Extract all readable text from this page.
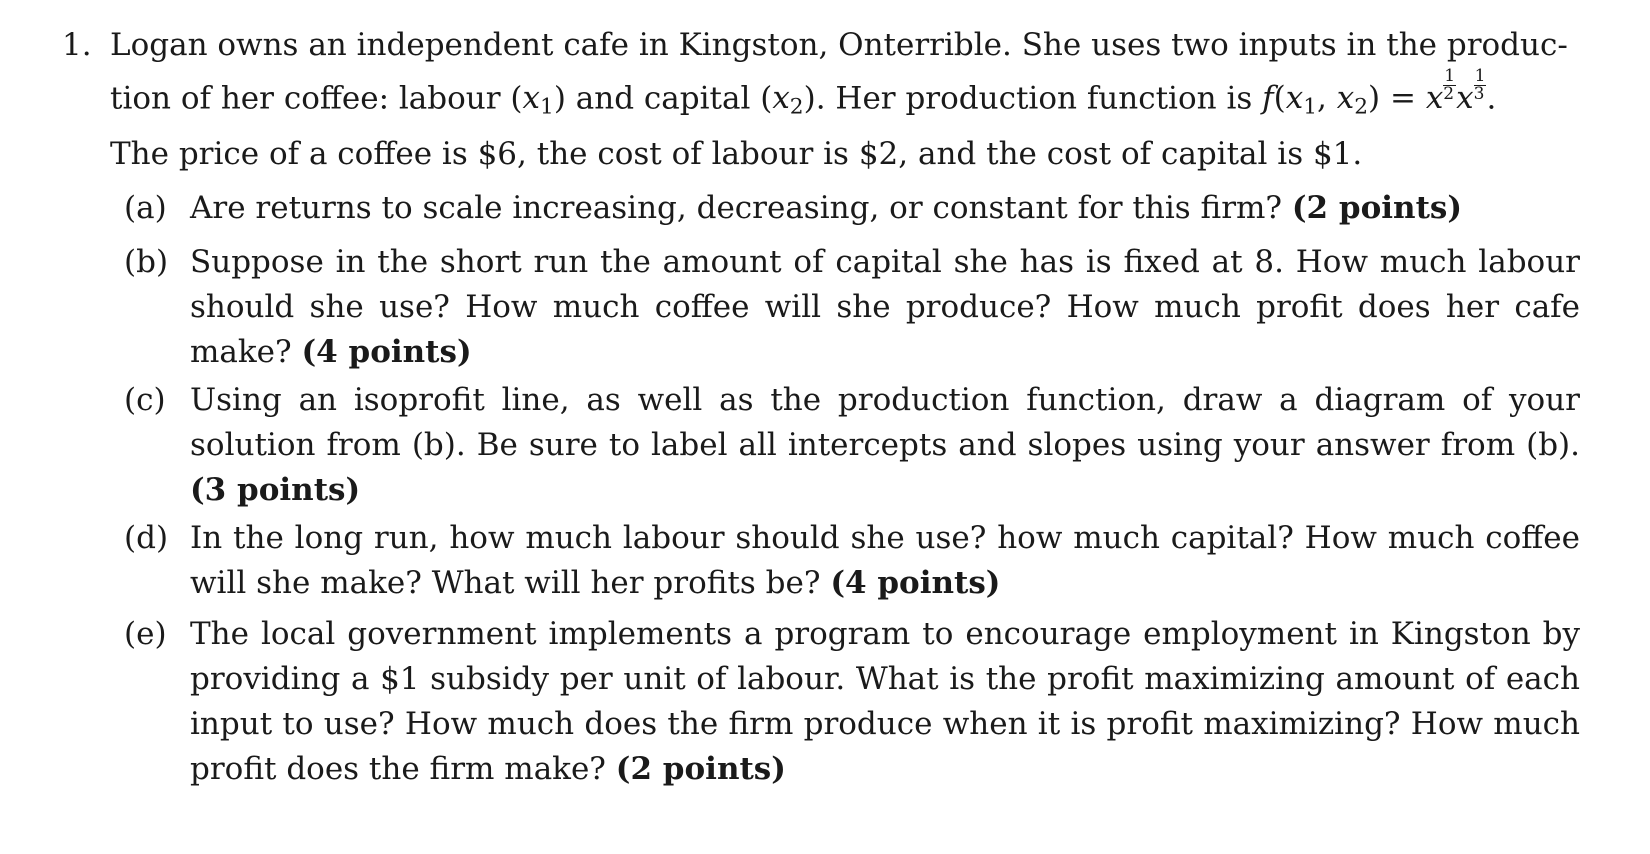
1. Logan owns an independent cafe in Kingston, Onterrible. She uses two inputs in the produc-
tion of her coffee: labour $(x_1)$ and capital $(x_2)$. Her production function is $f(x_1$, $x_2) = x \frac{1}{2}$ x $\frac{1}{3}$ .
The price of a coffee is $6, the cost of labour is $2, and the cost of capital is $1.
(a) Are returns to scale increasing, decreasing, or constant for this firm? (2 points)
(b) Suppose in the short run the amount of capital she has is fixed at 8. How much labour should she use? How much coffee will she produce? How much profit does her cafe make? (4 points)
(c) Using an isoprofit line, as well as the production function, draw a diagram of your solution from (b). Be sure to label all intercepts and slopes using your answer from (b). (3 points)
(d) In the long run, how much labour should she use? how much capital? How much coffee will she make? What will her profits be? (4 points)
(e) The local government implements a program to encourage employment in Kingston by providing a $1 subsidy per unit of labour. What is the profit maximizing amount of each input to use? How much does the firm produce when it is profit maximizing? How much profit does the firm make? (2 points)
